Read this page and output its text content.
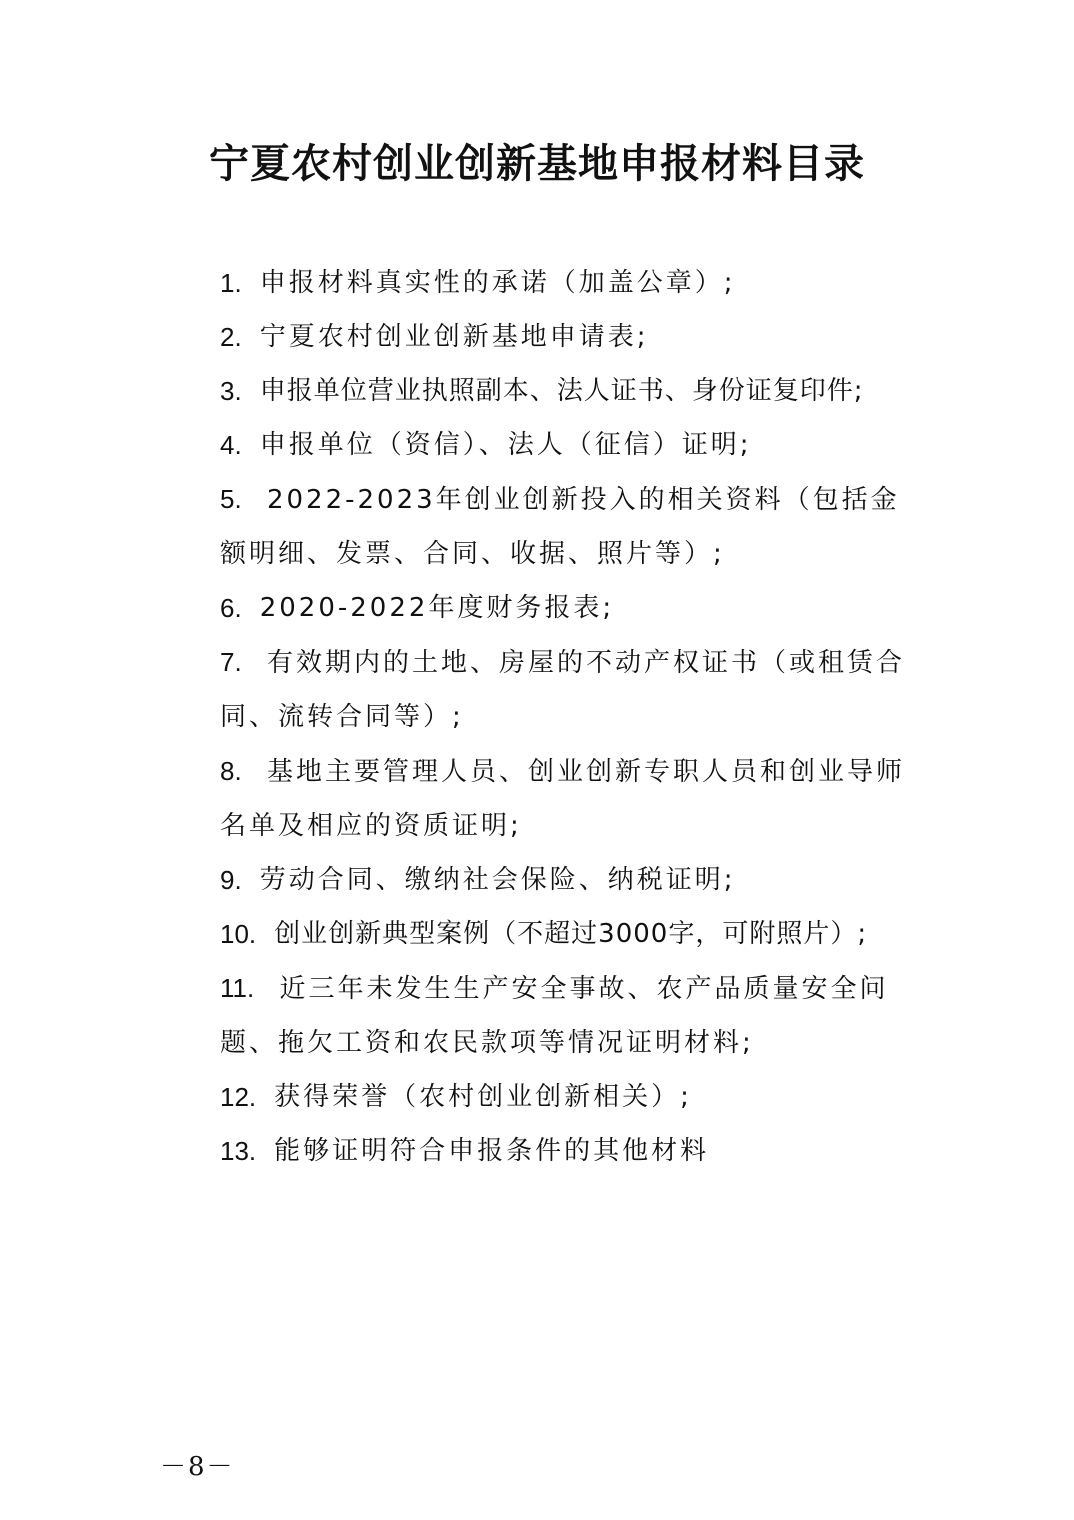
宁夏农村创业创新基地申报材料目录
1. 申报材料真实性的承诺（加盖公章）;
2. 宁夏农村创业创新基地申请表;
3. 申报单位营业执照副本、法人证书、身份证复印件;
4. 申报单位（资信）、法人（征信）证明;
5. 2022-2023年创业创新投入的相关资料（包括金额明细、发票、合同、收据、照片等）;
6. 2020-2022年度财务报表;
7. 有效期内的土地、房屋的不动产权证书（或租赁合同、流转合同等）;
8. 基地主要管理人员、创业创新专职人员和创业导师名单及相应的资质证明;
9. 劳动合同、缴纳社会保险、纳税证明;
10. 创业创新典型案例（不超过3000字，可附照片）;
11. 近三年未发生生产安全事故、农产品质量安全问题、拖欠工资和农民款项等情况证明材料;
12. 获得荣誉（农村创业创新相关）;
13. 能够证明符合申报条件的其他材料
－8－
